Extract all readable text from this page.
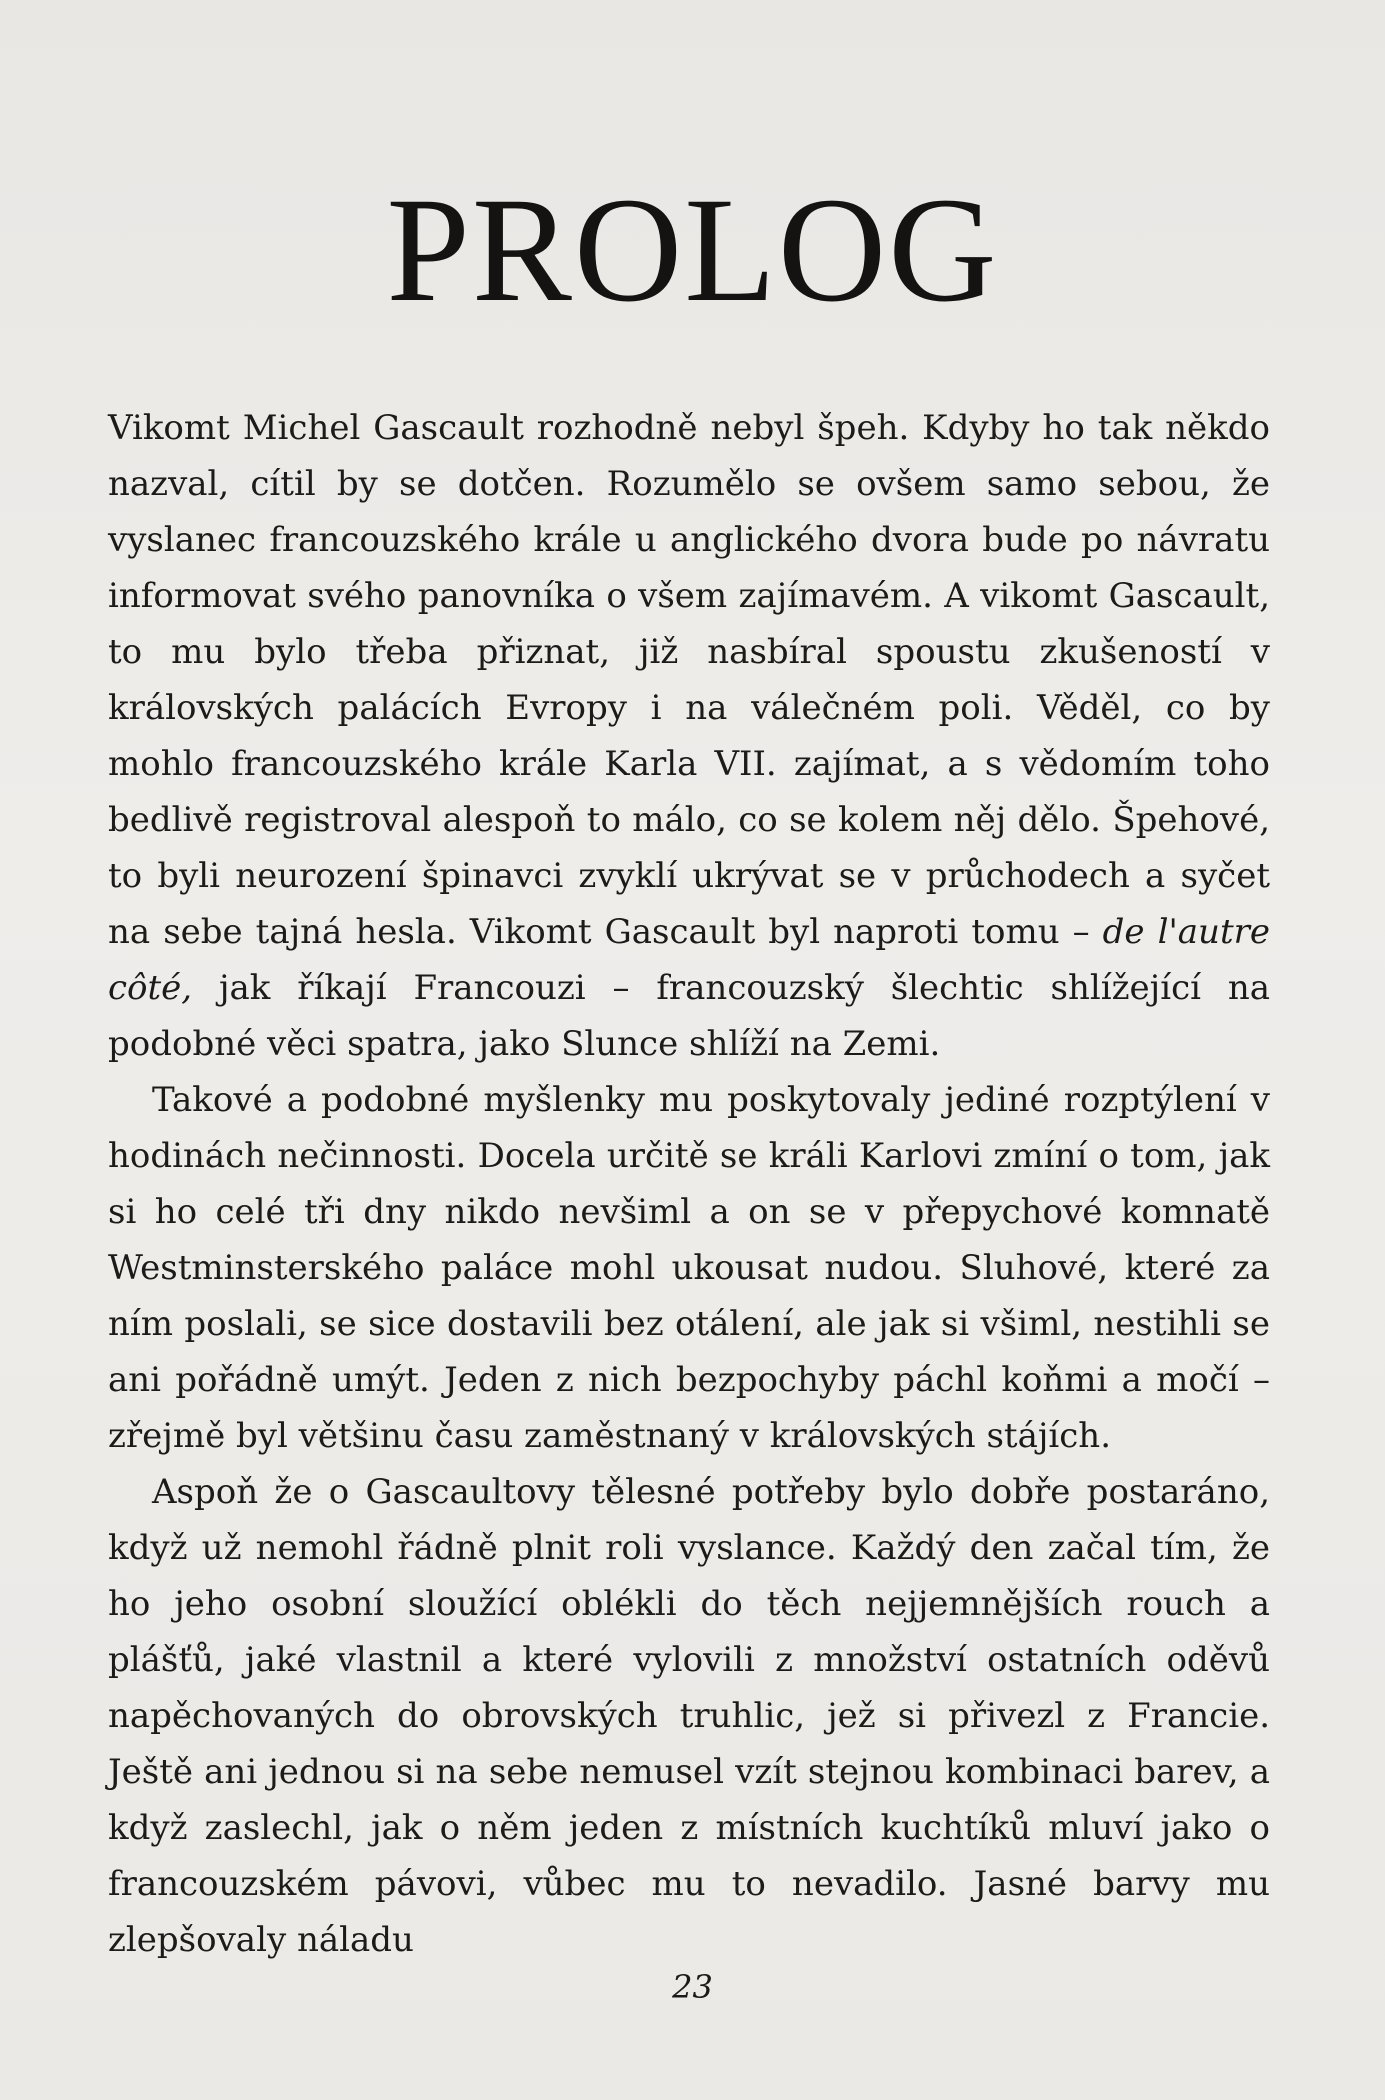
PROLOG

Vikomt Michel Gascault rozhodně nebyl špeh. Kdyby ho tak někdo nazval, cítil by se dotčen. Rozumělo se ovšem samo sebou, že vyslanec francouzského krále u anglického dvora bude po návratu informovat svého panovníka o všem zajímavém. A vikomt Gascault, to mu bylo třeba přiznat, již nasbíral spoustu zkušeností v královských palácích Evropy i na válečném poli. Věděl, co by mohlo francouzského krále Karla VII. zajímat, a s vědomím toho bedlivě registroval alespoň to málo, co se kolem něj dělo. Špehové, to byli neurození špinavci zvyklí ukrývat se v průchodech a syčet na sebe tajná hesla. Vikomt Gascault byl naproti tomu – de l'autre côté, jak říkají Francouzi – francouzský šlechtic shlížející na podobné věci spatra, jako Slunce shlíží na Zemi.

Takové a podobné myšlenky mu poskytovaly jediné rozptýlení v hodinách nečinnosti. Docela určitě se králi Karlovi zmíní o tom, jak si ho celé tři dny nikdo nevšiml a on se v přepychové komnatě Westminsterského paláce mohl ukousat nudou. Sluhové, které za ním poslali, se sice dostavili bez otálení, ale jak si všiml, nestihli se ani pořádně umýt. Jeden z nich bezpochyby páchl koňmi a močí – zřejmě byl většinu času zaměstnaný v královských stájích.

Aspoň že o Gascaultovy tělesné potřeby bylo dobře postaráno, když už nemohl řádně plnit roli vyslance. Každý den začal tím, že ho jeho osobní sloužící oblékli do těch nejjemnějších rouch a plášťů, jaké vlastnil a které vylovili z množství ostatních oděvů napěchovaných do obrovských truhlic, jež si přivezl z Francie. Ještě ani jednou si na sebe nemusel vzít stejnou kombinaci barev, a když zaslechl, jak o něm jeden z místních kuchtíků mluví jako o francouzském pávovi, vůbec mu to nevadilo. Jasné barvy mu zlepšovaly náladu

23
